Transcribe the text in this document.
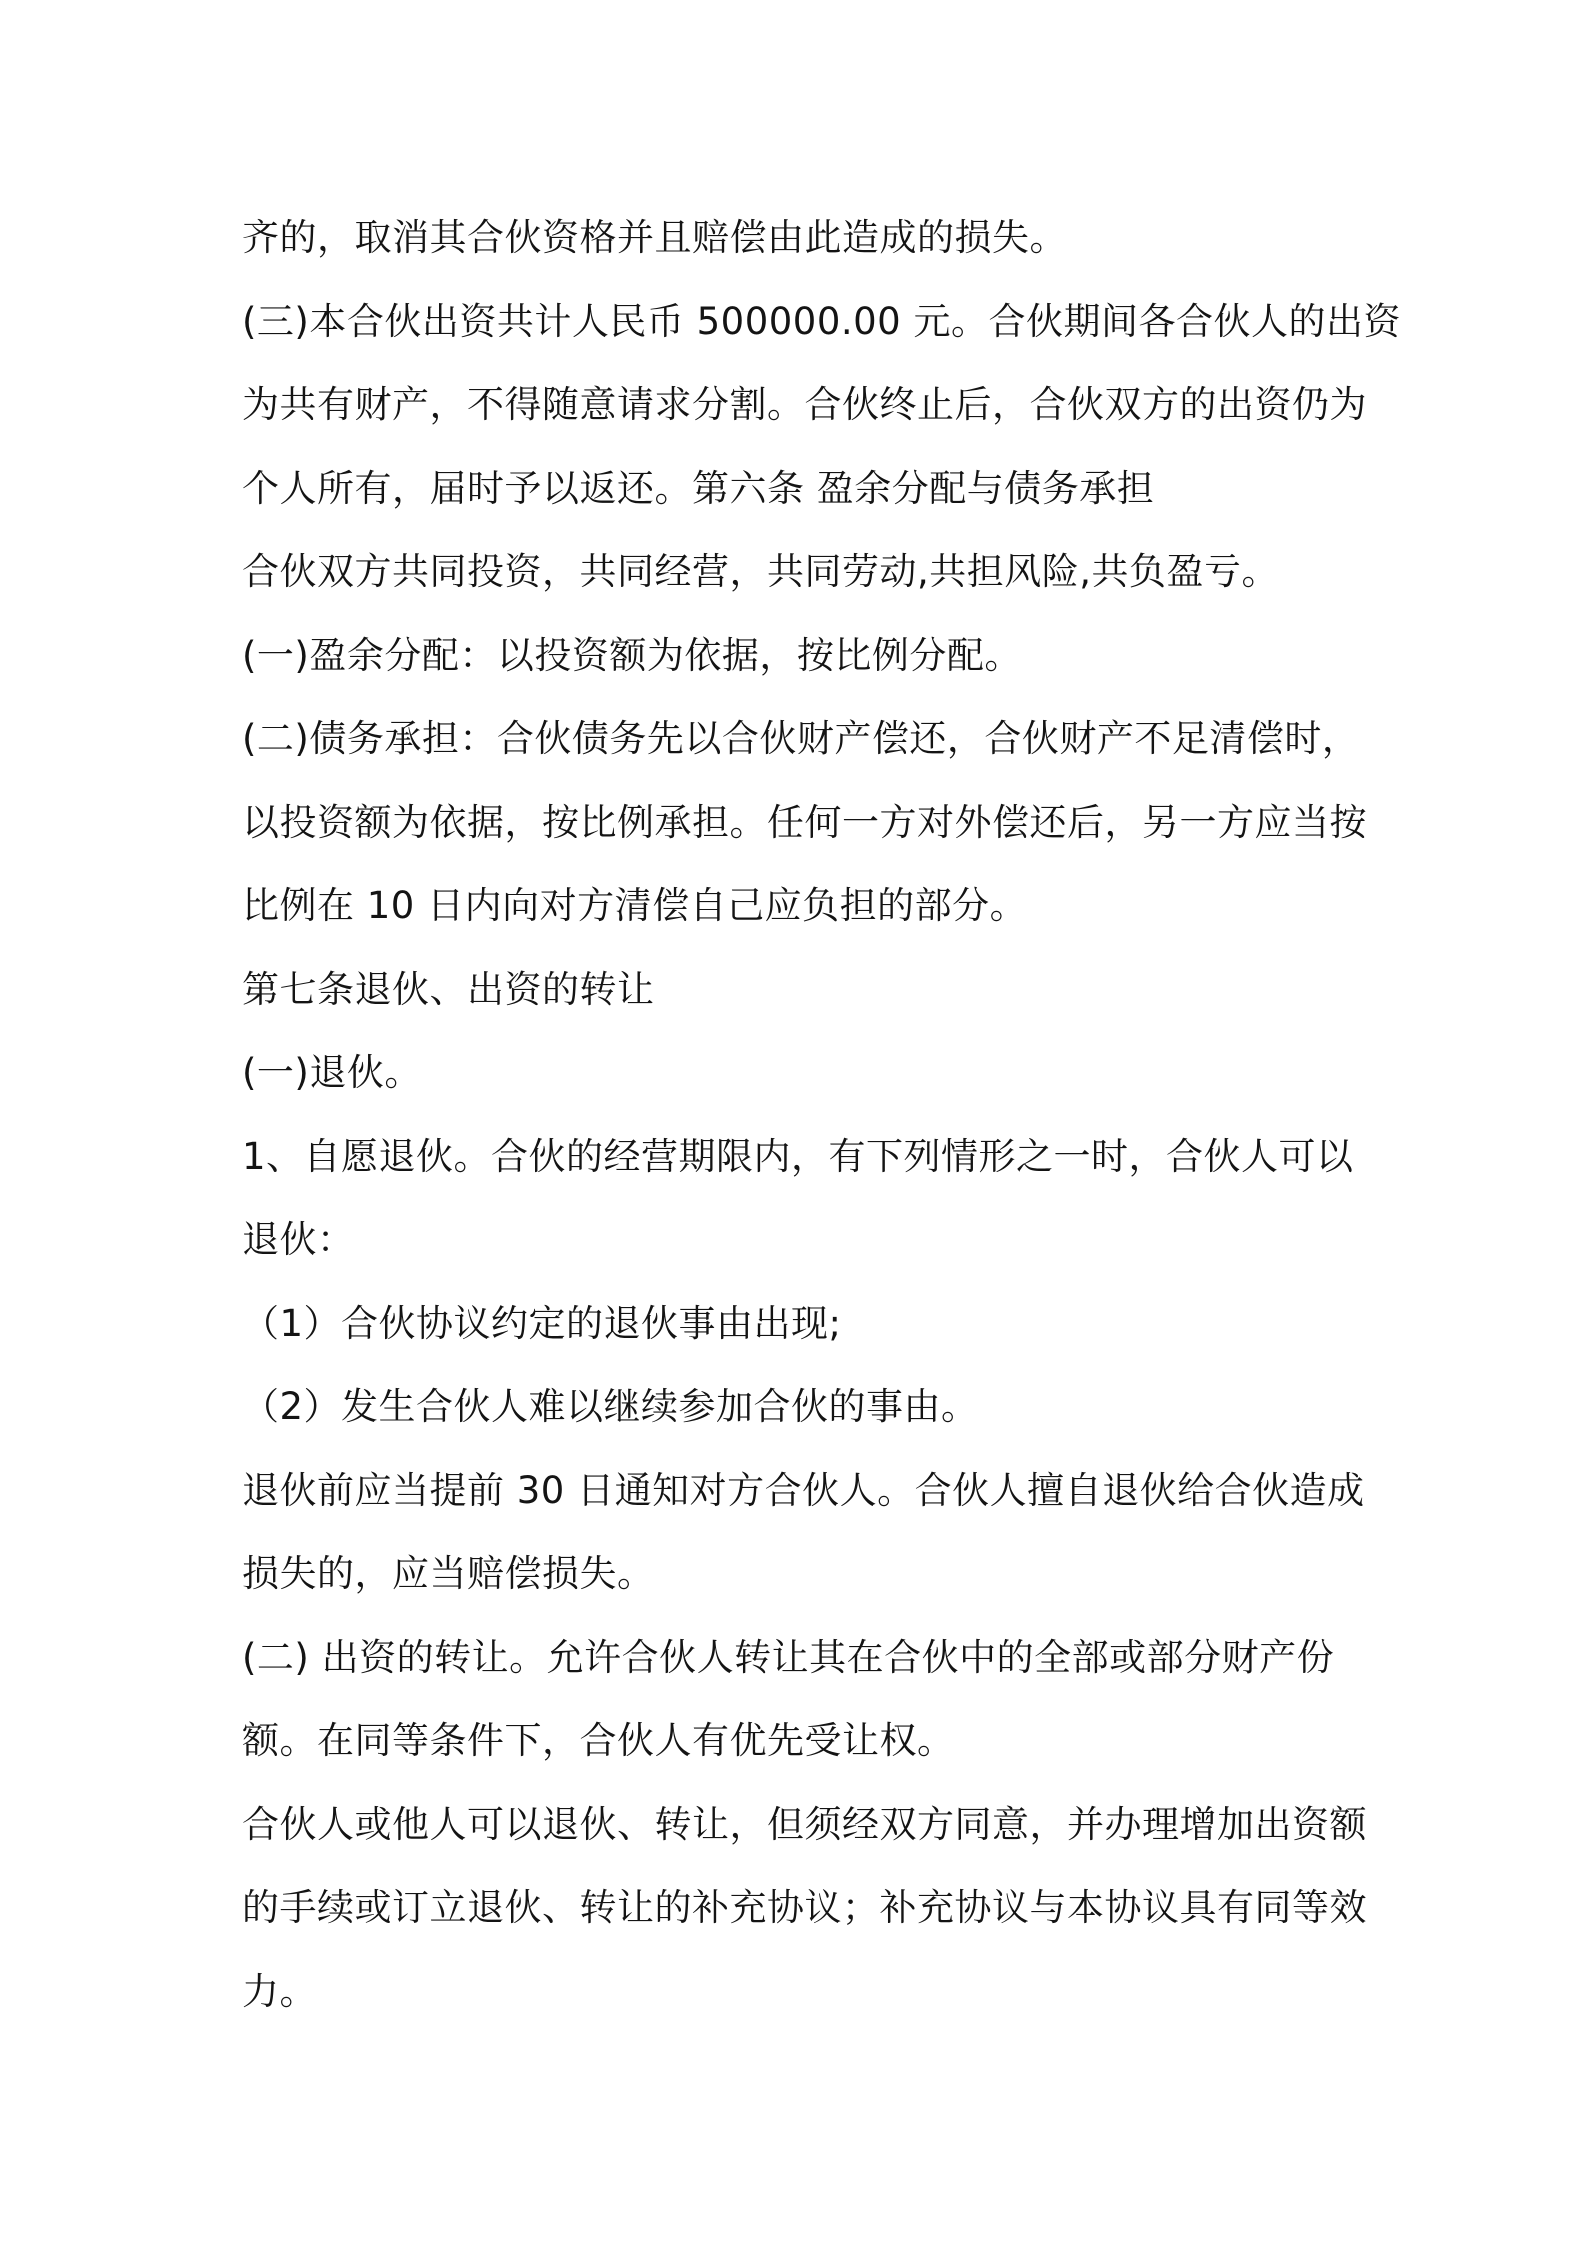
齐的，取消其合伙资格并且赔偿由此造成的损失。
(三)本合伙出资共计人民币 500000.00 元。合伙期间各合伙人的出资
为共有财产，不得随意请求分割。合伙终止后，合伙双方的出资仍为
个人所有，届时予以返还。第六条 盈余分配与债务承担
合伙双方共同投资，共同经营，共同劳动,共担风险,共负盈亏。
(一)盈余分配：以投资额为依据，按比例分配。
(二)债务承担：合伙债务先以合伙财产偿还，合伙财产不足清偿时，
以投资额为依据，按比例承担。任何一方对外偿还后，另一方应当按
比例在 10 日内向对方清偿自己应负担的部分。
第七条退伙、出资的转让
(一)退伙。
1、自愿退伙。合伙的经营期限内，有下列情形之一时，合伙人可以
退伙：
（1）合伙协议约定的退伙事由出现;
（2）发生合伙人难以继续参加合伙的事由。
退伙前应当提前 30 日通知对方合伙人。合伙人擅自退伙给合伙造成
损失的，应当赔偿损失。
(二) 出资的转让。允许合伙人转让其在合伙中的全部或部分财产份
额。在同等条件下，合伙人有优先受让权。
合伙人或他人可以退伙、转让，但须经双方同意，并办理增加出资额
的手续或订立退伙、转让的补充协议；补充协议与本协议具有同等效
力。
